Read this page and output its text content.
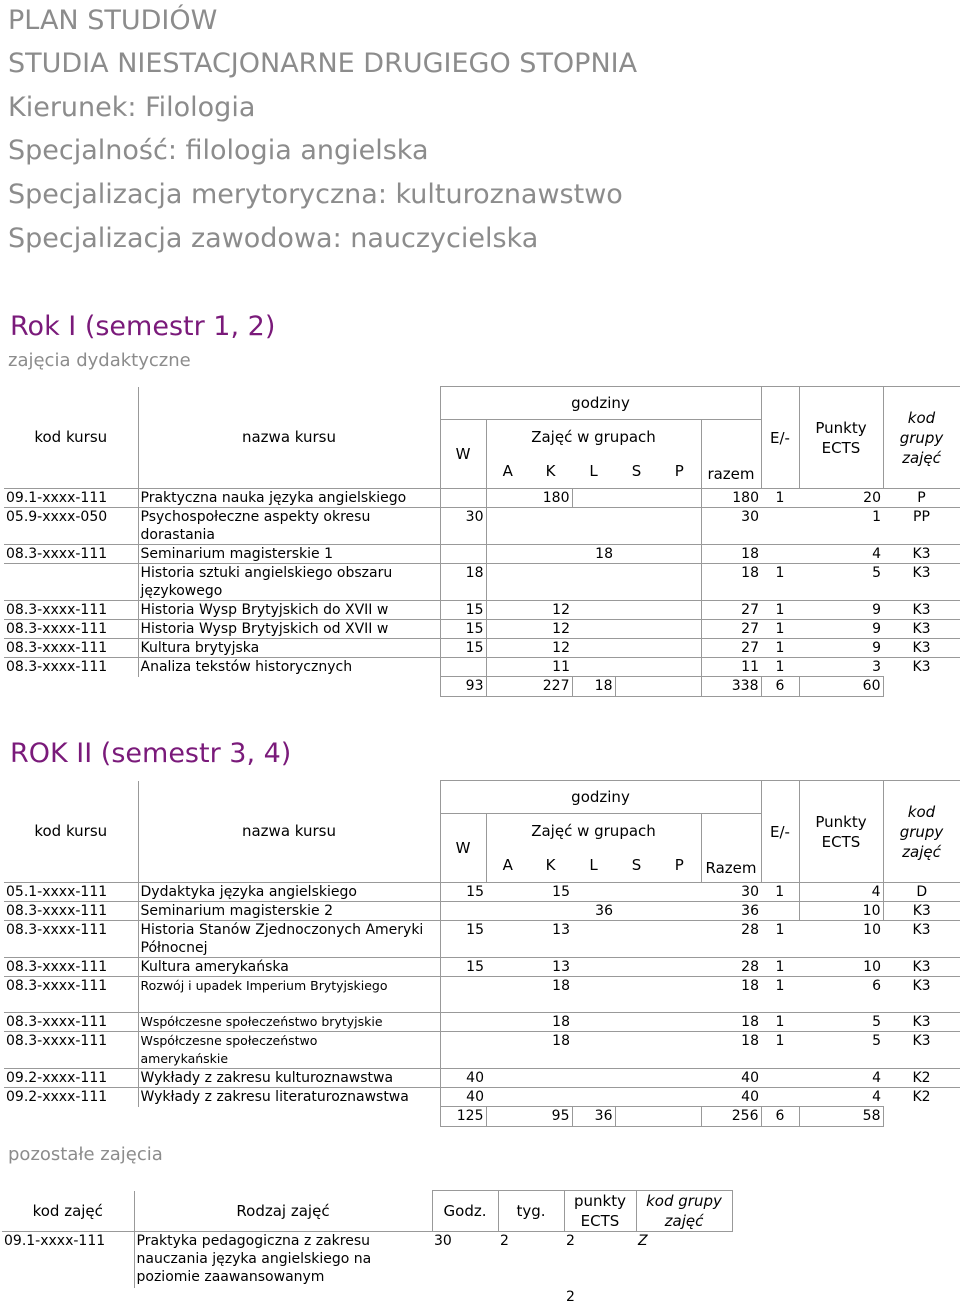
PLAN STUDIÓW
STUDIA NIESTACJONARNE DRUGIEGO STOPNIA
Kierunek: Filologia
Specjalność: filologia angielska
Specjalizacja merytoryczna: kulturoznawstwo
Specjalizacja zawodowa: nauczycielska
Rok I (semestr 1, 2)
zajęcia dydaktyczne
kod kursu	nazwa kursu	godziny							E/-	Punkty
ECTS	kod grupy
zajęć
		W	Zajęć w grupach					razem			
			A	K	L	S	P				
09.1-xxxx-111	Praktyczna nauka języka angielskiego		180					180	1	20	P
05.9-xxxx-050	Psychospołeczne aspekty okresu dorastania	30						30		1	PP
08.3-xxxx-111	Seminarium magisterskie 1				18			18		4	K3
	Historia sztuki angielskiego obszaru językowego	18						18	1	5	K3
08.3-xxxx-111	Historia Wysp Brytyjskich do XVII w	15	12					27	1	9	K3
08.3-xxxx-111	Historia Wysp Brytyjskich od XVII w	15	12					27	1	9	K3
08.3-xxxx-111	Kultura brytyjska	15	12					27	1	9	K3
08.3-xxxx-111	Analiza tekstów historycznych		11					11	1	3	K3
		93	227		18			338	6	60	
ROK II (semestr 3, 4)
kod kursu	nazwa kursu	godziny							E/-	Punkty
ECTS	kod grupy
zajęć
		W	Zajęć w grupach					Razem			
			A	K	L	S	P				
05.1-xxxx-111	Dydaktyka języka angielskiego	15	15					30	1	4	D
08.3-xxxx-111	Seminarium magisterskie 2				36			36		10	K3
08.3-xxxx-111	Historia Stanów Zjednoczonych Ameryki Północnej	15	13					28	1	10	K3
08.3-xxxx-111	Kultura amerykańska	15	13					28	1	10	K3
08.3-xxxx-111	Rozwój i upadek Imperium Brytyjskiego		18					18	1	6	K3
08.3-xxxx-111	Współczesne społeczeństwo brytyjskie		18					18	1	5	K3
08.3-xxxx-111	Współczesne społeczeństwo amerykańskie		18					18	1	5	K3
09.2-xxxx-111	Wykłady z zakresu kulturoznawstwa	40						40		4	K2
09.2-xxxx-111	Wykłady z zakresu literaturoznawstwa	40						40		4	K2
		125	95		36			256	6	58	
pozostałe zajęcia
kod zajęć	Rodzaj zajęć	Godz.	tyg.	punkty
ECTS	kod grupy
zajęć
09.1-xxxx-111	Praktyka pedagogiczna z zakresu nauczania języka angielskiego na poziomie zaawansowanym	30	2	2	Z
				2	
